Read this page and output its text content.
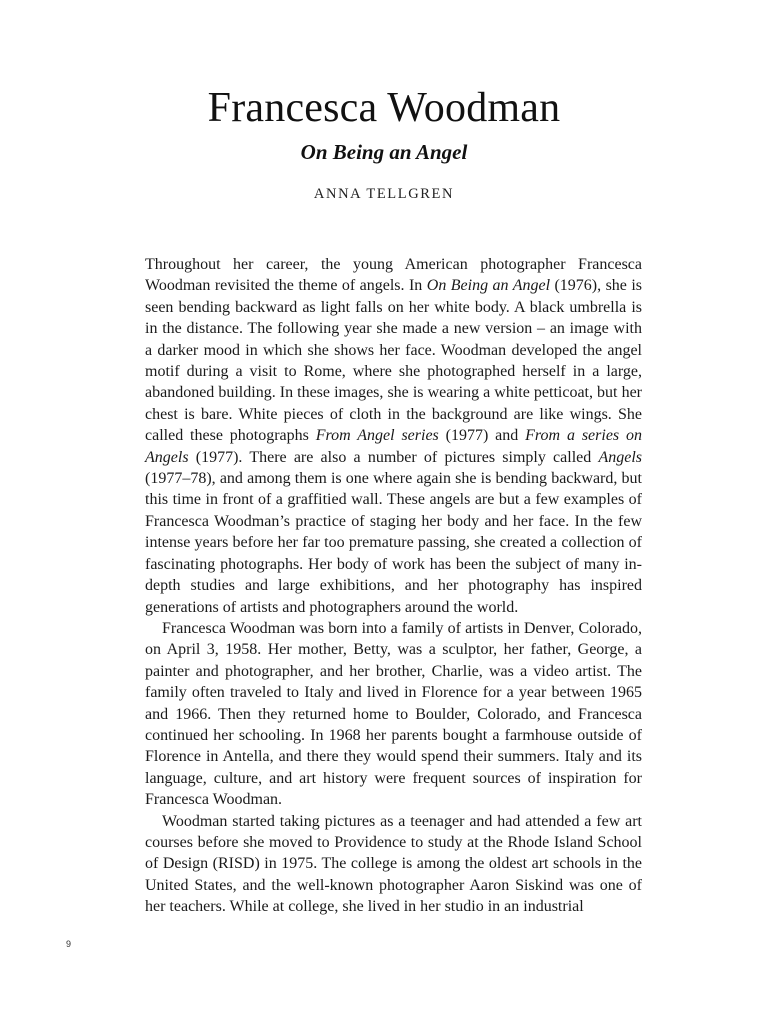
Francesca Woodman
On Being an Angel
ANNA TELLGREN

Throughout her career, the young American photographer Francesca Woodman revisited the theme of angels. In On Being an Angel (1976), she is seen bending backward as light falls on her white body. A black umbrella is in the distance. The following year she made a new version – an image with a darker mood in which she shows her face. Woodman developed the angel motif during a visit to Rome, where she photographed herself in a large, abandoned building. In these images, she is wearing a white petticoat, but her chest is bare. White pieces of cloth in the background are like wings. She called these photographs From Angel series (1977) and From a series on Angels (1977). There are also a number of pictures simply called Angels (1977–78), and among them is one where again she is bending backward, but this time in front of a graffitied wall. These angels are but a few examples of Francesca Woodman’s practice of staging her body and her face. In the few intense years before her far too premature passing, she created a collection of fascinating photographs. Her body of work has been the subject of many in-depth studies and large exhibitions, and her photography has inspired generations of artists and photographers around the world.

Francesca Woodman was born into a family of artists in Denver, Colorado, on April 3, 1958. Her mother, Betty, was a sculptor, her father, George, a painter and photographer, and her brother, Charlie, was a video artist. The family often traveled to Italy and lived in Florence for a year between 1965 and 1966. Then they returned home to Boulder, Colorado, and Francesca continued her schooling. In 1968 her parents bought a farmhouse outside of Florence in Antella, and there they would spend their summers. Italy and its language, culture, and art history were frequent sources of inspiration for Francesca Woodman.

Woodman started taking pictures as a teenager and had attended a few art courses before she moved to Providence to study at the Rhode Island School of Design (RISD) in 1975. The college is among the oldest art schools in the United States, and the well-known photographer Aaron Siskind was one of her teachers. While at college, she lived in her studio in an industrial

9
